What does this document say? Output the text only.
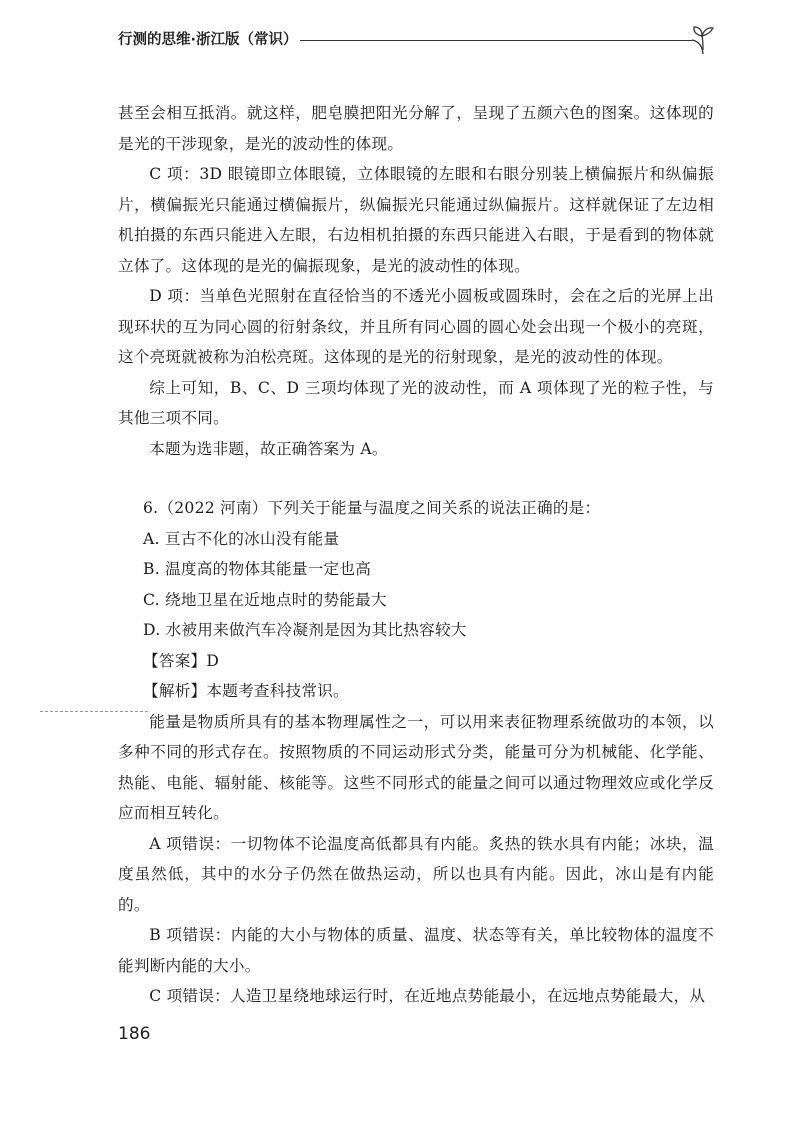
行测的思维·浙江版（常识）

甚至会相互抵消。就这样，肥皂膜把阳光分解了，呈现了五颜六色的图案。这体现的是光的干涉现象，是光的波动性的体现。

C 项：3D 眼镜即立体眼镜，立体眼镜的左眼和右眼分别装上横偏振片和纵偏振片，横偏振光只能通过横偏振片，纵偏振光只能通过纵偏振片。这样就保证了左边相机拍摄的东西只能进入左眼，右边相机拍摄的东西只能进入右眼，于是看到的物体就立体了。这体现的是光的偏振现象，是光的波动性的体现。

D 项：当单色光照射在直径恰当的不透光小圆板或圆珠时，会在之后的光屏上出现环状的互为同心圆的衍射条纹，并且所有同心圆的圆心处会出现一个极小的亮斑，这个亮斑就被称为泊松亮斑。这体现的是光的衍射现象，是光的波动性的体现。

综上可知，B、C、D 三项均体现了光的波动性，而 A 项体现了光的粒子性，与其他三项不同。

本题为选非题，故正确答案为 A。

6.（2022 河南）下列关于能量与温度之间关系的说法正确的是：

A. 亘古不化的冰山没有能量

B. 温度高的物体其能量一定也高

C. 绕地卫星在近地点时的势能最大

D. 水被用来做汽车冷凝剂是因为其比热容较大

【答案】D

【解析】本题考查科技常识。

能量是物质所具有的基本物理属性之一，可以用来表征物理系统做功的本领，以多种不同的形式存在。按照物质的不同运动形式分类，能量可分为机械能、化学能、热能、电能、辐射能、核能等。这些不同形式的能量之间可以通过物理效应或化学反应而相互转化。

A 项错误：一切物体不论温度高低都具有内能。炙热的铁水具有内能；冰块，温度虽然低，其中的水分子仍然在做热运动，所以也具有内能。因此，冰山是有内能的。

B 项错误：内能的大小与物体的质量、温度、状态等有关，单比较物体的温度不能判断内能的大小。

C 项错误：人造卫星绕地球运行时，在近地点势能最小，在远地点势能最大，从

186
